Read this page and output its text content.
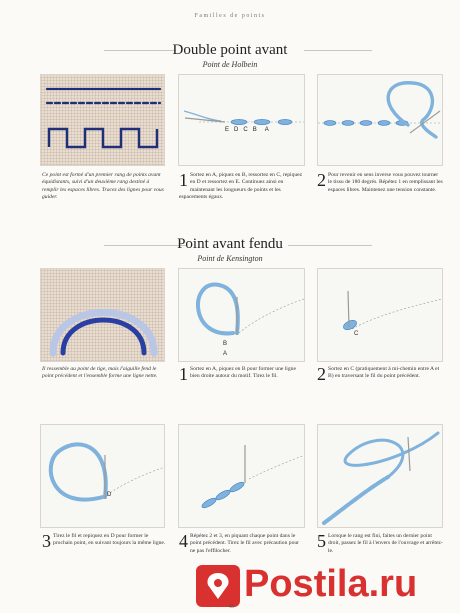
Familles de points
Double point avant
Point de Holbein
E D C B A
Ce point est formé d'un premier rang de points avant équidistants, suivi d'un deuxième rang destiné à remplir les espaces libres. Tracez des lignes pour vous guider.
1 Sortez en A, piquez en B, ressortez en C, repiquez en D et ressortez en E. Continuez ainsi en maintenant les longueurs de points et les espacements égaux.
2 Pour revenir en sens inverse vous pouvez tourner le tissu de 180 degrés. Répétez 1 en remplissant les espaces libres. Maintenez une tension constante.
Point avant fendu
Point de Kensington
B
A
C
Il ressemble au point de tige, mais l'aiguille fend le point précédent et l'ensemble forme une ligne nette.	1 Sortez en A, piquez en B pour former une ligne bien droite autour du motif. Tirez le fil.	2 Sortez en C (pratiquement à mi-chemin entre A et B) en traversant le fil du point précédent.
D
3 Tirez le fil et repiquez en D pour former le prochain point, en suivant toujours la même ligne. 4 Répétez 2 et 3, en piquant chaque point dans le point précédent. Tirez le fil avec précaution pour ne pas l'effilocher.	5 Lorsque le rang est fini, faites un dernier point droit, passez le fil à l'envers de l'ouvrage et arrêtez-le.
Postila.ru
45
